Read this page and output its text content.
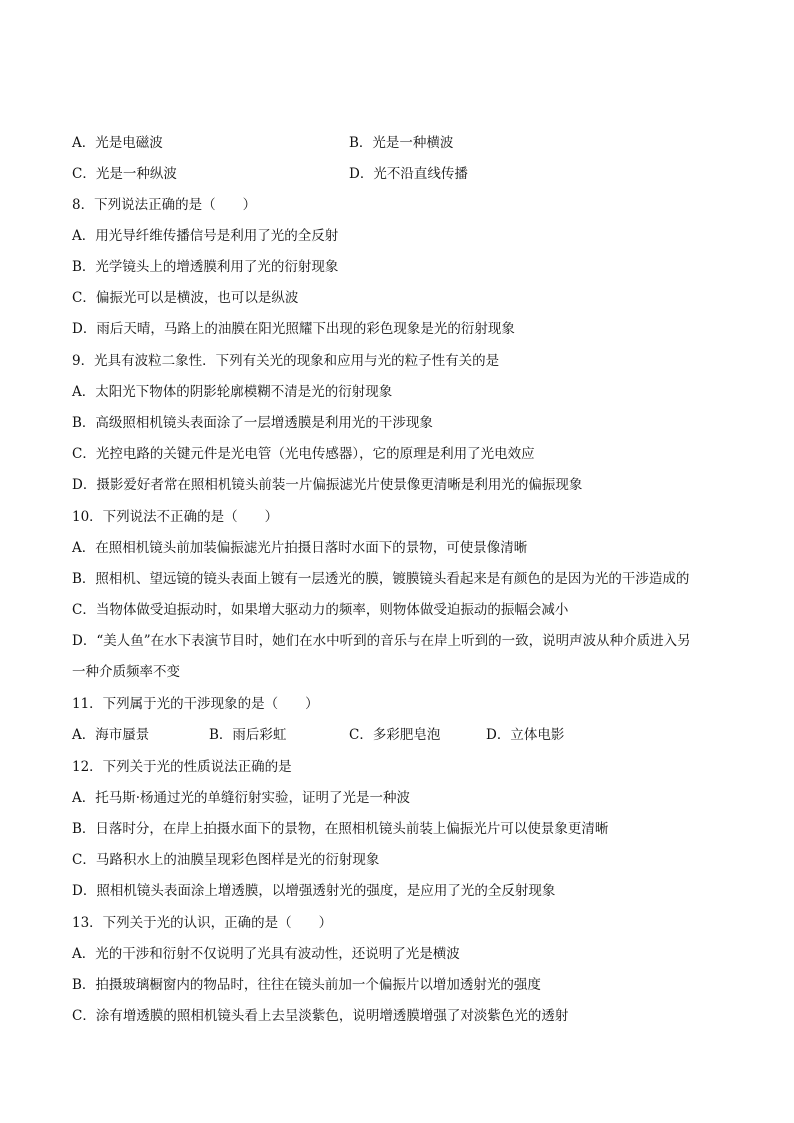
A．光是电磁波	B．光是一种横波
C．光是一种纵波	D．光不沿直线传播
8．下列说法正确的是（　　）
A．用光导纤维传播信号是利用了光的全反射
B．光学镜头上的增透膜利用了光的衍射现象
C．偏振光可以是横波，也可以是纵波
D．雨后天晴，马路上的油膜在阳光照耀下出现的彩色现象是光的衍射现象
9．光具有波粒二象性．下列有关光的现象和应用与光的粒子性有关的是
A．太阳光下物体的阴影轮廓模糊不清是光的衍射现象
B．高级照相机镜头表面涂了一层增透膜是利用光的干涉现象
C．光控电路的关键元件是光电管（光电传感器），它的原理是利用了光电效应
D．摄影爱好者常在照相机镜头前装一片偏振滤光片使景像更清晰是利用光的偏振现象
10．下列说法不正确的是（　　）
A．在照相机镜头前加装偏振滤光片拍摄日落时水面下的景物，可使景像清晰
B．照相机、望远镜的镜头表面上镀有一层透光的膜，镀膜镜头看起来是有颜色的是因为光的干涉造成的
C．当物体做受迫振动时，如果增大驱动力的频率，则物体做受迫振动的振幅会减小
D．“美人鱼”在水下表演节目时，她们在水中听到的音乐与在岸上听到的一致，说明声波从种介质进入另
一种介质频率不变
11．下列属于光的干涉现象的是（　　）
A．海市蜃景	B．雨后彩虹	C．多彩肥皂泡	D．立体电影
12．下列关于光的性质说法正确的是
A．托马斯·杨通过光的单缝衍射实验，证明了光是一种波
B．日落时分，在岸上拍摄水面下的景物，在照相机镜头前装上偏振光片可以使景象更清晰
C．马路积水上的油膜呈现彩色图样是光的衍射现象
D．照相机镜头表面涂上增透膜，以增强透射光的强度，是应用了光的全反射现象
13．下列关于光的认识，正确的是（　　）
A．光的干涉和衍射不仅说明了光具有波动性，还说明了光是横波
B．拍摄玻璃橱窗内的物品时，往往在镜头前加一个偏振片以增加透射光的强度
C．涂有增透膜的照相机镜头看上去呈淡紫色，说明增透膜增强了对淡紫色光的透射
